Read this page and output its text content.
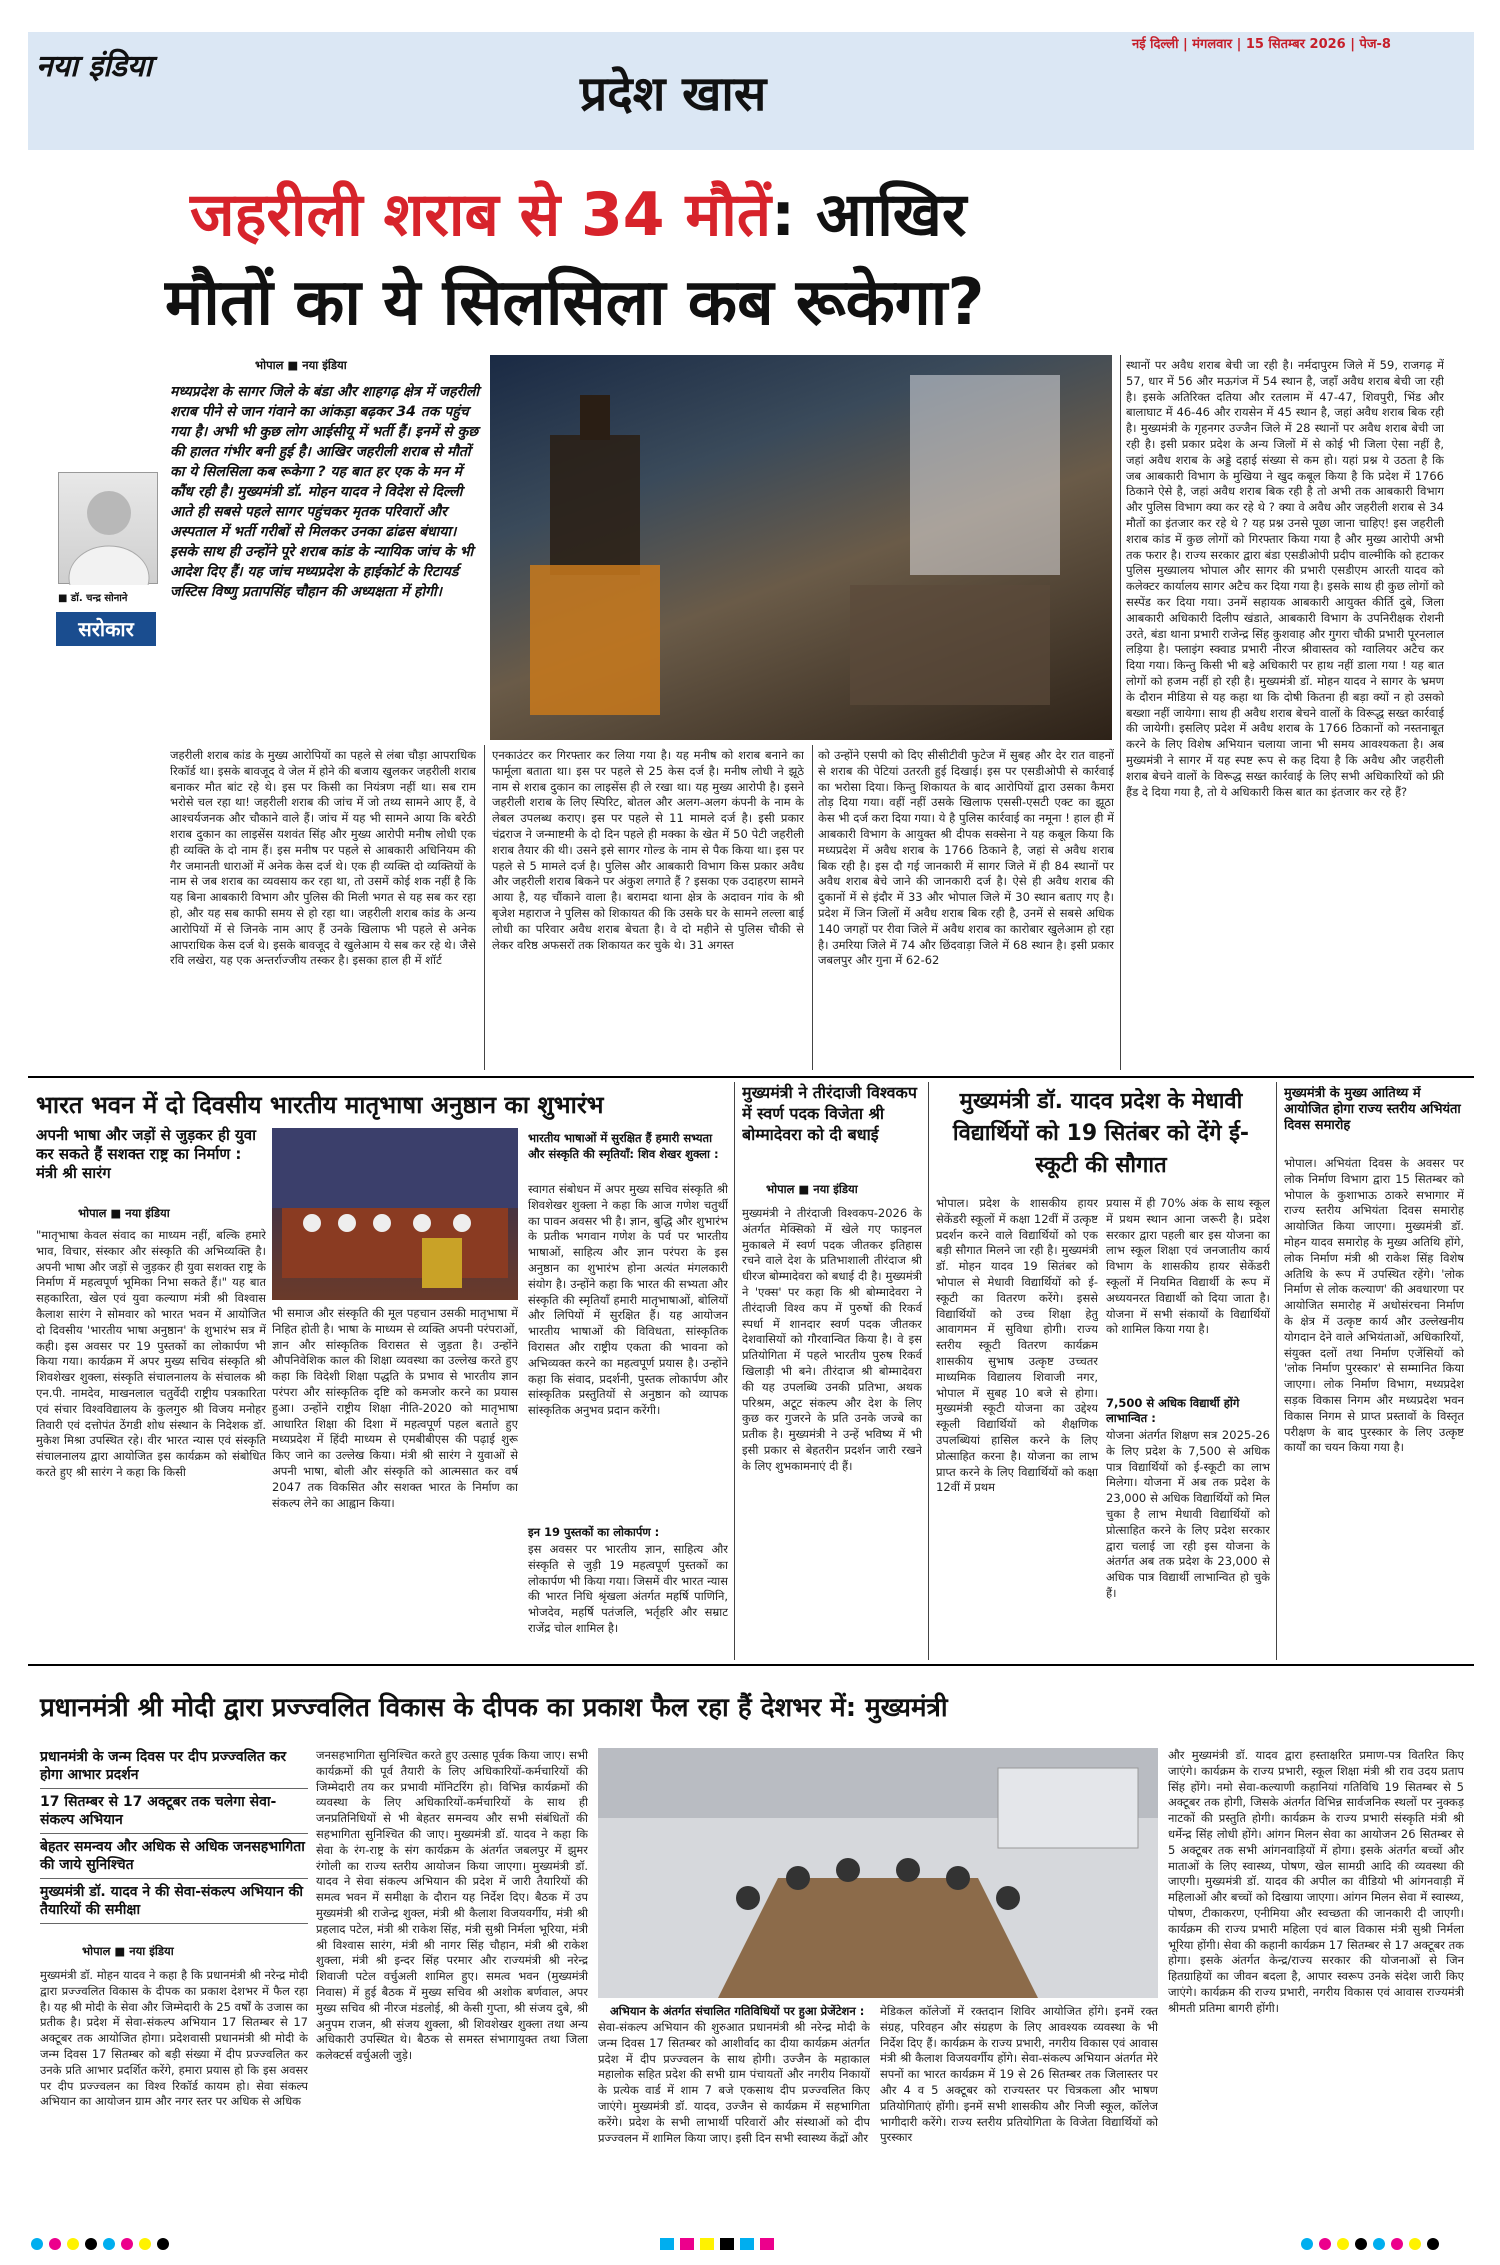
नया इंडिया	प्रदेश खास
नई दिल्ली | मंगलवार | 15 सितम्बर 2026 | पेज-8
जहरीली शराब से 34 मौतें: आखिर
मौतों का ये सिलसिला कब रूकेगा?
भोपाल ■ नया इंडिया
मध्यप्रदेश के सागर जिले के बंडा और शाहगढ़ क्षेत्र में जहरीली शराब पीने से जान गंवाने का आंकड़ा बढ़कर 34 तक पहुंच गया है। अभी भी कुछ लोग आईसीयू में भर्ती हैं। इनमें से कुछ की हालत गंभीर बनी हुई है। आखिर जहरीली शराब से मौतों का ये सिलसिला कब रूकेगा ? यह बात हर एक के मन में कौंध रही है। मुख्यमंत्री डॉ. मोहन यादव ने विदेश से दिल्ली आते ही सबसे पहले सागर पहुंचकर मृतक परिवारों और अस्पताल में भर्ती गरीबों से मिलकर उनका ढांढस बंधाया। इसके साथ ही उन्होंने पूरे शराब कांड के न्यायिक जांच के भी आदेश दिए हैं। यह जांच मध्यप्रदेश के हाईकोर्ट के रिटायर्ड जस्टिस विष्णु प्रतापसिंह चौहान की अध्यक्षता में होगी।
■ डॉ. चन्द्र सोनाने
सरोकार
जहरीली शराब कांड के मुख्य आरोपियों का पहले से लंबा चौड़ा आपराधिक रिकॉर्ड था। इसके बावजूद वे जेल में होने की बजाय खुलकर जहरीली शराब बनाकर मौत बांट रहे थे। इस पर किसी का नियंत्रण नहीं था। सब राम भरोसे चल रहा था! जहरीली शराब की जांच में जो तथ्य सामने आए हैं, वे आश्चर्यजनक और चौकाने वाले हैं। जांच में यह भी सामने आया कि बरेठी शराब दुकान का लाइसेंस यशवंत सिंह और मुख्य आरोपी मनीष लोधी एक ही व्यक्ति के दो नाम हैं। इस मनीष पर पहले से आबकारी अधिनियम की गैर जमानती धाराओं में अनेक केस दर्ज थे। एक ही व्यक्ति दो व्यक्तियों के नाम से जब शराब का व्यवसाय कर रहा था, तो उसमें कोई शक नहीं है कि यह बिना आबकारी विभाग और पुलिस की मिली भगत से यह सब कर रहा हो, और यह सब काफी समय से हो रहा था। जहरीली शराब कांड के अन्य आरोपियों में से जिनके नाम आए हैं उनके खिलाफ भी पहले से अनेक आपराधिक केस दर्ज थे। इसके बावजूद वे खुलेआम ये सब कर रहे थे। जैसे रवि लखेरा, यह एक अन्तर्राज्जीय तस्कर है। इसका हाल ही में शॉर्ट
एनकाउंटर कर गिरफ्तार कर लिया गया है। यह मनीष को शराब बनाने का फार्मूला बताता था। इस पर पहले से 25 केस दर्ज है। मनीष लोधी ने झूठे नाम से शराब दुकान का लाइसेंस ही ले रखा था। यह मुख्य आरोपी है। इसने जहरीली शराब के लिए स्पिरिट, बोतल और अलग-अलग कंपनी के नाम के लेबल उपलब्ध कराए। इस पर पहले से 11 मामले दर्ज है। इसी प्रकार चंद्रराज ने जन्माष्टमी के दो दिन पहले ही मक्का के खेत में 50 पेटी जहरीली शराब तैयार की थी। उसने इसे सागर गोल्ड के नाम से पैक किया था। इस पर पहले से 5 मामले दर्ज है। पुलिस और आबकारी विभाग किस प्रकार अवैध और जहरीली शराब बिकने पर अंकुश लगाते हैं ? इसका एक उदाहरण सामने आया है, यह चौंकाने वाला है। बरामदा थाना क्षेत्र के अदावन गांव के श्री बृजेश महाराज ने पुलिस को शिकायत की कि उसके घर के सामने लल्ला बाई लोधी का परिवार अवैध शराब बेचता है। वे दो महीने से पुलिस चौकी से लेकर वरिष्ठ अफसरों तक शिकायत कर चुके थे। 31 अगस्त
को उन्होंने एसपी को दिए सीसीटीवी फुटेज में सुबह और देर रात वाहनों से शराब की पेटियां उतरती हुई दिखाई। इस पर एसडीओपी से कार्रवाई का भरोसा दिया। किन्तु शिकायत के बाद आरोपियों द्वारा उसका कैमरा तोड़ दिया गया। वहीं नहीं उसके खिलाफ एससी-एसटी एक्ट का झूठा केस भी दर्ज करा दिया गया। ये है पुलिस कार्रवाई का नमूना ! हाल ही में आबकारी विभाग के आयुक्त श्री दीपक सक्सेना ने यह कबूल किया कि मध्यप्रदेश में अवैध शराब के 1766 ठिकाने है, जहां से अवैध शराब बिक रही है। इस दौ गई जानकारी में सागर जिले में ही 84 स्थानों पर अवैध शराब बेचे जाने की जानकारी दर्ज है। ऐसे ही अवैध शराब की दुकानों में से इंदौर में 33 और भोपाल जिले में 30 स्थान बताए गए है। प्रदेश में जिन जिलों में अवैध शराब बिक रही है, उनमें से सबसे अधिक 140 जगहों पर रीवा जिले में अवैध शराब का कारोबार खुलेआम हो रहा है। उमरिया जिले में 74 और छिंदवाड़ा जिले में 68 स्थान है। इसी प्रकार जबलपुर और गुना में 62-62
स्थानों पर अवैध शराब बेची जा रही है। नर्मदापुरम जिले में 59, राजगढ़ में 57, धार में 56 और मऊगंज में 54 स्थान है, जहाँ अवैध शराब बेची जा रही है। इसके अतिरिक्त दतिया और रतलाम में 47-47, शिवपुरी, भिंड और बालाघाट में 46-46 और रायसेन में 45 स्थान है, जहां अवैध शराब बिक रही है। मुख्यमंत्री के गृहनगर उज्जैन जिले में 28 स्थानों पर अवैध शराब बेची जा रही है। इसी प्रकार प्रदेश के अन्य जिलों में से कोई भी जिला ऐसा नहीं है, जहां अवैध शराब के अड्डे दहाई संख्या से कम हो। यहां प्रश्न ये उठता है कि जब आबकारी विभाग के मुखिया ने खुद कबूल किया है कि प्रदेश में 1766 ठिकाने ऐसे है, जहां अवैध शराब बिक रही है तो अभी तक आबकारी विभाग और पुलिस विभाग क्या कर रहे थे ? क्या वे अवैध और जहरीली शराब से 34 मौतों का इंतजार कर रहे थे ? यह प्रश्न उनसे पूछा जाना चाहिए! इस जहरीली शराब कांड में कुछ लोगों को गिरफ्तार किया गया है और मुख्य आरोपी अभी तक फरार है। राज्य सरकार द्वारा बंडा एसडीओपी प्रदीप वाल्मीकि को हटाकर पुलिस मुख्यालय भोपाल और सागर की प्रभारी एसडीएम आरती यादव को कलेक्टर कार्यालय सागर अटैच कर दिया गया है। इसके साथ ही कुछ लोगों को सस्पेंड कर दिया गया। उनमें सहायक आबकारी आयुक्त कीर्ति दुबे, जिला आबकारी अधिकारी दिलीप खंडाते, आबकारी विभाग के उपनिरीक्षक रोशनी उरते, बंडा थाना प्रभारी राजेन्द्र सिंह कुशवाह और गुगरा चौकी प्रभारी पूरनलाल लड़िया है। फ्लाइंग स्क्वाड प्रभारी नीरज श्रीवास्तव को ग्वालियर अटैच कर दिया गया। किन्तु किसी भी बड़े अधिकारी पर हाथ नहीं डाला गया ! यह बात लोगों को हजम नहीं हो रही है। मुख्यमंत्री डॉ. मोहन यादव ने सागर के भ्रमण के दौरान मीडिया से यह कहा था कि दोषी कितना ही बड़ा क्यों न हो उसको बख्शा नहीं जायेगा। साथ ही अवैध शराब बेचने वालों के विरूद्ध सख्त कार्रवाई की जायेगी। इसलिए प्रदेश में अवैध शराब के 1766 ठिकानों को नस्तनाबूत करने के लिए विशेष अभियान चलाया जाना भी समय आवश्यकता है। अब मुख्यमंत्री ने सागर में यह स्पष्ट रूप से कह दिया है कि अवैध और जहरीली शराब बेचने वालों के विरूद्ध सख्त कार्रवाई के लिए सभी अधिकारियों को फ्री हैंड दे दिया गया है, तो ये अधिकारी किस बात का इंतजार कर रहे हैं?
भारत भवन में दो दिवसीय भारतीय मातृभाषा अनुष्ठान का शुभारंभ
अपनी भाषा और जड़ों से जुड़कर ही युवा कर सकते हैं सशक्त राष्ट्र का निर्माण : मंत्री श्री सारंग
भोपाल ■ नया इंडिया
"मातृभाषा केवल संवाद का माध्यम नहीं, बल्कि हमारे भाव, विचार, संस्कार और संस्कृति की अभिव्यक्ति है। अपनी भाषा और जड़ों से जुड़कर ही युवा सशक्त राष्ट्र के निर्माण में महत्वपूर्ण भूमिका निभा सकते हैं।" यह बात सहकारिता, खेल एवं युवा कल्याण मंत्री श्री विश्वास कैलाश सारंग ने सोमवार को भारत भवन में आयोजित दो दिवसीय 'भारतीय भाषा अनुष्ठान' के शुभारंभ सत्र में कही। इस अवसर पर 19 पुस्तकों का लोकार्पण भी किया गया। कार्यक्रम में अपर मुख्य सचिव संस्कृति श्री शिवशेखर शुक्ला, संस्कृति संचालनालय के संचालक श्री एन.पी. नामदेव, माखनलाल चतुर्वेदी राष्ट्रीय पत्रकारिता एवं संचार विश्वविद्यालय के कुलगुरु श्री विजय मनोहर तिवारी एवं दत्तोपंत ठेंगडी शोध संस्थान के निदेशक डॉ. मुकेश मिश्रा उपस्थित रहे। वीर भारत न्यास एवं संस्कृति संचालनालय द्वारा आयोजित इस कार्यक्रम को संबोधित करते हुए श्री सारंग ने कहा कि किसी
भी समाज और संस्कृति की मूल पहचान उसकी मातृभाषा में निहित होती है। भाषा के माध्यम से व्यक्ति अपनी परंपराओं, ज्ञान और सांस्कृतिक विरासत से जुड़ता है। उन्होंने औपनिवेशिक काल की शिक्षा व्यवस्था का उल्लेख करते हुए कहा कि विदेशी शिक्षा पद्धति के प्रभाव से भारतीय ज्ञान परंपरा और सांस्कृतिक दृष्टि को कमजोर करने का प्रयास हुआ। उन्होंने राष्ट्रीय शिक्षा नीति-2020 को मातृभाषा आधारित शिक्षा की दिशा में महत्वपूर्ण पहल बताते हुए मध्यप्रदेश में हिंदी माध्यम से एमबीबीएस की पढ़ाई शुरू किए जाने का उल्लेख किया। मंत्री श्री सारंग ने युवाओं से अपनी भाषा, बोली और संस्कृति को आत्मसात कर वर्ष 2047 तक विकसित और सशक्त भारत के निर्माण का संकल्प लेने का आह्वान किया।
भारतीय भाषाओं में सुरक्षित हैं हमारी सभ्यता और संस्कृति की स्मृतियाँ: शिव शेखर शुक्ला :
स्वागत संबोधन में अपर मुख्य सचिव संस्कृति श्री शिवशेखर शुक्ला ने कहा कि आज गणेश चतुर्थी का पावन अवसर भी है। ज्ञान, बुद्धि और शुभारंभ के प्रतीक भगवान गणेश के पर्व पर भारतीय भाषाओं, साहित्य और ज्ञान परंपरा के इस अनुष्ठान का शुभारंभ होना अत्यंत मंगलकारी संयोग है। उन्होंने कहा कि भारत की सभ्यता और संस्कृति की स्मृतियाँ हमारी मातृभाषाओं, बोलियों और लिपियों में सुरक्षित हैं। यह आयोजन भारतीय भाषाओं की विविधता, सांस्कृतिक विरासत और राष्ट्रीय एकता की भावना को अभिव्यक्त करने का महत्वपूर्ण प्रयास है। उन्होंने कहा कि संवाद, प्रदर्शनी, पुस्तक लोकार्पण और सांस्कृतिक प्रस्तुतियों से अनुष्ठान को व्यापक सांस्कृतिक अनुभव प्रदान करेंगी।
इन 19 पुस्तकों का लोकार्पण :
इस अवसर पर भारतीय ज्ञान, साहित्य और संस्कृति से जुड़ी 19 महत्वपूर्ण पुस्तकों का लोकार्पण भी किया गया। जिसमें वीर भारत न्यास की भारत निधि श्रृंखला अंतर्गत महर्षि पाणिनि, भोजदेव, महर्षि पतंजलि, भर्तृहरि और सम्राट राजेंद्र चोल शामिल है।
मुख्यमंत्री ने तीरंदाजी विश्वकप में स्वर्ण पदक विजेता श्री बोम्मादेवरा को दी बधाई
भोपाल ■ नया इंडिया
मुख्यमंत्री ने तीरंदाजी विश्वकप-2026 के अंतर्गत मेक्सिको में खेले गए फाइनल मुकाबले में स्वर्ण पदक जीतकर इतिहास रचने वाले देश के प्रतिभाशाली तीरंदाज श्री धीरज बोम्मादेवरा को बधाई दी है। मुख्यमंत्री ने 'एक्स' पर कहा कि श्री बोम्मादेवरा ने तीरंदाजी विश्व कप में पुरुषों की रिकर्व स्पर्धा में शानदार स्वर्ण पदक जीतकर देशवासियों को गौरवान्वित किया है। वे इस प्रतियोगिता में पहले भारतीय पुरुष रिकर्व खिलाड़ी भी बने। तीरंदाज श्री बोम्मादेवरा की यह उपलब्धि उनकी प्रतिभा, अथक परिश्रम, अटूट संकल्प और देश के लिए कुछ कर गुजरने के प्रति उनके जज्बे का प्रतीक है। मुख्यमंत्री ने उन्हें भविष्य में भी इसी प्रकार से बेहतरीन प्रदर्शन जारी रखने के लिए शुभकामनाएं दी हैं।
मुख्यमंत्री डॉ. यादव प्रदेश के मेधावी विद्यार्थियों को 19 सितंबर को देंगे ई-स्कूटी की सौगात
भोपाल। प्रदेश के शासकीय हायर सेकेंडरी स्कूलों में कक्षा 12वीं में उत्कृष्ट प्रदर्शन करने वाले विद्यार्थियों को एक बड़ी सौगात मिलने जा रही है। मुख्यमंत्री डॉ. मोहन यादव 19 सितंबर को भोपाल से मेधावी विद्यार्थियों को ई-स्कूटी का वितरण करेंगे। इससे विद्यार्थियों को उच्च शिक्षा हेतु आवागमन में सुविधा होगी। राज्य स्तरीय स्कूटी वितरण कार्यक्रम शासकीय सुभाष उत्कृष्ट उच्चतर माध्यमिक विद्यालय शिवाजी नगर, भोपाल में सुबह 10 बजे से होगा। मुख्यमंत्री स्कूटी योजना का उद्देश्य स्कूली विद्यार्थियों को शैक्षणिक उपलब्धियां हासिल करने के लिए प्रोत्साहित करना है। योजना का लाभ प्राप्त करने के लिए विद्यार्थियों को कक्षा 12वीं में प्रथम
प्रयास में ही 70% अंक के साथ स्कूल में प्रथम स्थान आना जरूरी है। प्रदेश सरकार द्वारा पहली बार इस योजना का लाभ स्कूल शिक्षा एवं जनजातीय कार्य विभाग के शासकीय हायर सेकेंडरी स्कूलों में नियमित विद्यार्थी के रूप में अध्ययनरत विद्यार्थी को दिया जाता है। योजना में सभी संकायों के विद्यार्थियों को शामिल किया गया है।
7,500 से अधिक विद्यार्थी होंगे लाभान्वित :
योजना अंतर्गत शिक्षण सत्र 2025-26 के लिए प्रदेश के 7,500 से अधिक पात्र विद्यार्थियों को ई-स्कूटी का लाभ मिलेगा। योजना में अब तक प्रदेश के 23,000 से अधिक विद्यार्थियों को मिल चुका है लाभ मेधावी विद्यार्थियों को प्रोत्साहित करने के लिए प्रदेश सरकार द्वारा चलाई जा रही इस योजना के अंतर्गत अब तक प्रदेश के 23,000 से अधिक पात्र विद्यार्थी लाभान्वित हो चुके हैं।
मुख्यमंत्री के मुख्य आतिथ्य में आयोजित होगा राज्य स्तरीय अभियंता दिवस समारोह
भोपाल। अभियंता दिवस के अवसर पर लोक निर्माण विभाग द्वारा 15 सितम्बर को भोपाल के कुशाभाऊ ठाकरे सभागार में राज्य स्तरीय अभियंता दिवस समारोह आयोजित किया जाएगा। मुख्यमंत्री डॉ. मोहन यादव समारोह के मुख्य अतिथि होंगे, लोक निर्माण मंत्री श्री राकेश सिंह विशेष अतिथि के रूप में उपस्थित रहेंगे। 'लोक निर्माण से लोक कल्याण' की अवधारणा पर आयोजित समारोह में अधोसंरचना निर्माण के क्षेत्र में उत्कृष्ट कार्य और उल्लेखनीय योगदान देने वाले अभियंताओं, अधिकारियों, संयुक्त दलों तथा निर्माण एजेंसियों को 'लोक निर्माण पुरस्कार' से सम्मानित किया जाएगा। लोक निर्माण विभाग, मध्यप्रदेश सड़क विकास निगम और मध्यप्रदेश भवन विकास निगम से प्राप्त प्रस्तावों के विस्तृत परीक्षण के बाद पुरस्कार के लिए उत्कृष्ट कार्यों का चयन किया गया है।
प्रधानमंत्री श्री मोदी द्वारा प्रज्ज्वलित विकास के दीपक का प्रकाश फैल रहा हैं देशभर में: मुख्यमंत्री
प्रधानमंत्री के जन्म दिवस पर दीप प्रज्ज्वलित कर होगा आभार प्रदर्शन
17 सितम्बर से 17 अक्टूबर तक चलेगा सेवा-संकल्प अभियान
बेहतर समन्वय और अधिक से अधिक जनसहभागिता की जाये सुनिश्चित
मुख्यमंत्री डॉ. यादव ने की सेवा-संकल्प अभियान की तैयारियों की समीक्षा
भोपाल ■ नया इंडिया
मुख्यमंत्री डॉ. मोहन यादव ने कहा है कि प्रधानमंत्री श्री नरेन्द्र मोदी द्वारा प्रज्ज्वलित विकास के दीपक का प्रकाश देशभर में फैल रहा है। यह श्री मोदी के सेवा और जिम्मेदारी के 25 वर्षों के उजास का प्रतीक है। प्रदेश में सेवा-संकल्प अभियान 17 सितम्बर से 17 अक्टूबर तक आयोजित होगा। प्रदेशवासी प्रधानमंत्री श्री मोदी के जन्म दिवस 17 सितम्बर को बड़ी संख्या में दीप प्रज्ज्वलित कर उनके प्रति आभार प्रदर्शित करेंगे, हमारा प्रयास हो कि इस अवसर पर दीप प्रज्ज्वलन का विश्व रिकॉर्ड कायम हो। सेवा संकल्प अभियान का आयोजन ग्राम और नगर स्तर पर अधिक से अधिक
जनसहभागिता सुनिश्चित करते हुए उत्साह पूर्वक किया जाए। सभी कार्यक्रमों की पूर्व तैयारी के लिए अधिकारियों-कर्मचारियों की जिम्मेदारी तय कर प्रभावी मॉनिटरिंग हो। विभिन्न कार्यक्रमों की व्यवस्था के लिए अधिकारियों-कर्मचारियों के साथ ही जनप्रतिनिधियों से भी बेहतर समन्वय और सभी संबंधितों की सहभागिता सुनिश्चित की जाए। मुख्यमंत्री डॉ. यादव ने कहा कि सेवा के रंग-राष्ट्र के संग कार्यक्रम के अंतर्गत जबलपुर में झुमर रंगोली का राज्य स्तरीय आयोजन किया जाएगा। मुख्यमंत्री डॉ. यादव ने सेवा संकल्प अभियान की प्रदेश में जारी तैयारियों की समत्व भवन में समीक्षा के दौरान यह निर्देश दिए। बैठक में उप मुख्यमंत्री श्री राजेन्द्र शुक्ल, मंत्री श्री कैलाश विजयवर्गीय, मंत्री श्री प्रहलाद पटेल, मंत्री श्री राकेश सिंह, मंत्री सुश्री निर्मला भूरिया, मंत्री श्री विश्वास सारंग, मंत्री श्री नागर सिंह चौहान, मंत्री श्री राकेश शुक्ला, मंत्री श्री इन्दर सिंह परमार और राज्यमंत्री श्री नरेन्द्र शिवाजी पटेल वर्चुअली शामिल हुए। समत्व भवन (मुख्यमंत्री निवास) में हुई बैठक में मुख्य सचिव श्री अशोक बर्णवाल, अपर मुख्य सचिव श्री नीरज मंडलोई, श्री केसी गुप्ता, श्री संजय दुबे, श्री अनुपम राजन, श्री संजय शुक्ला, श्री शिवशेखर शुक्ला तथा अन्य अधिकारी उपस्थित थे। बैठक से समस्त संभागायुक्त तथा जिला कलेक्टर्स वर्चुअली जुड़े।
अभियान के अंतर्गत संचालित गतिविधियों पर हुआ प्रेजेंटेशन :
सेवा-संकल्प अभियान की शुरुआत प्रधानमंत्री श्री नरेन्द्र मोदी के जन्म दिवस 17 सितम्बर को आशीर्वाद का दीया कार्यक्रम अंतर्गत प्रदेश में दीप प्रज्ज्वलन के साथ होगी। उज्जैन के महाकाल महालोक सहित प्रदेश की सभी ग्राम पंचायतों और नगरीय निकायों के प्रत्येक वार्ड में शाम 7 बजे एकसाथ दीप प्रज्ज्वलित किए जाएंगे। मुख्यमंत्री डॉ. यादव, उज्जैन से कार्यक्रम में सहभागिता करेंगे। प्रदेश के सभी लाभार्थी परिवारों और संस्थाओं को दीप प्रज्ज्वलन में शामिल किया जाए। इसी दिन सभी स्वास्थ्य केंद्रों और
मेडिकल कॉलेजों में रक्तदान शिविर आयोजित होंगे। इनमें रक्त संग्रह, परिवहन और संग्रहण के लिए आवश्यक व्यवस्था के भी निर्देश दिए हैं। कार्यक्रम के राज्य प्रभारी, नगरीय विकास एवं आवास मंत्री श्री कैलाश विजयवर्गीय होंगे। सेवा-संकल्प अभियान अंतर्गत मेरे सपनों का भारत कार्यक्रम में 19 से 26 सितम्बर तक जिलास्तर पर और 4 व 5 अक्टूबर को राज्यस्तर पर चित्रकला और भाषण प्रतियोगिताएं होंगी। इनमें सभी शासकीय और निजी स्कूल, कॉलेज भागीदारी करेंगे। राज्य स्तरीय प्रतियोगिता के विजेता विद्यार्थियों को पुरस्कार
और मुख्यमंत्री डॉ. यादव द्वारा हस्ताक्षरित प्रमाण-पत्र वितरित किए जाएंगे। कार्यक्रम के राज्य प्रभारी, स्कूल शिक्षा मंत्री श्री राव उदय प्रताप सिंह होंगे। नमो सेवा-कल्याणी कहानियां गतिविधि 19 सितम्बर से 5 अक्टूबर तक होगी, जिसके अंतर्गत विभिन्न सार्वजनिक स्थलों पर नुक्कड़ नाटकों की प्रस्तुति होगी। कार्यक्रम के राज्य प्रभारी संस्कृति मंत्री श्री धर्मेन्द्र सिंह लोधी होंगे। आंगन मिलन सेवा का आयोजन 26 सितम्बर से 5 अक्टूबर तक सभी आंगनवाड़ियों में होगा। इसके अंतर्गत बच्चों और माताओं के लिए स्वास्थ्य, पोषण, खेल सामग्री आदि की व्यवस्था की जाएगी। मुख्यमंत्री डॉ. यादव की अपील का वीडियो भी आंगनवाड़ी में महिलाओं और बच्चों को दिखाया जाएगा। आंगन मिलन सेवा में स्वास्थ्य, पोषण, टीकाकरण, एनीमिया और स्वच्छता की जानकारी दी जाएगी। कार्यक्रम की राज्य प्रभारी महिला एवं बाल विकास मंत्री सुश्री निर्मला भूरिया होंगी। सेवा की कहानी कार्यक्रम 17 सितम्बर से 17 अक्टूबर तक होगा। इसके अंतर्गत केन्द्र/राज्य सरकार की योजनाओं से जिन हितग्राहियों का जीवन बदला है, आपार स्वरूप उनके संदेश जारी किए जाएंगे। कार्यक्रम की राज्य प्रभारी, नगरीय विकास एवं आवास राज्यमंत्री श्रीमती प्रतिमा बागरी होंगी।
